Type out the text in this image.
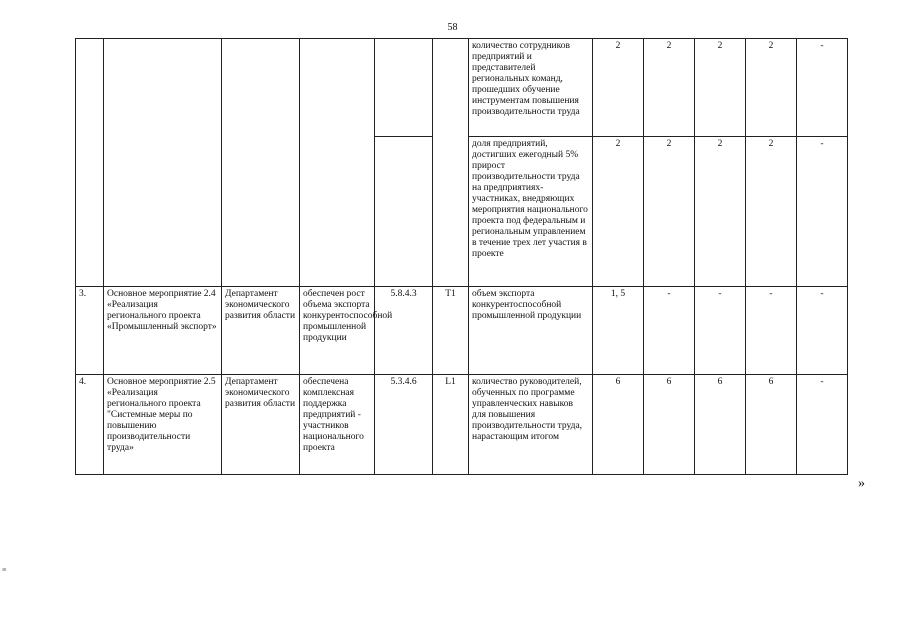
58
						количество сотрудников предприятий и представителей региональных команд, прошедших обучение инструментам повышения производительности труда	2	2	2	2	-
						доля предприятий, достигших ежегодный 5% прирост производительности труда на предприятиях-участниках, внедряющих мероприятия национального проекта под федеральным и региональным управлением в течение трех лет участия в проекте	2	2	2	2	-
3.	Основное мероприятие 2.4 «Реализация регионального проекта «Промышленный экспорт»	Департамент экономического развития области	обеспечен рост объема экспорта конкурентоспособной промышленной продукции	5.8.4.3	T1	объем экспорта конкурентоспособной промышленной продукции	1, 5	-	-	-	-
4.	Основное мероприятие 2.5 «Реализация регионального проекта "Системные меры по повышению производительности труда»	Департамент экономического развития области	обеспечена комплексная поддержка предприятий - участников национального проекта	5.3.4.6	L1	количество руководителей, обученных по программе управленческих навыков для повышения производительности труда, нарастающим итогом	6	6	6	6	-
»
≡
